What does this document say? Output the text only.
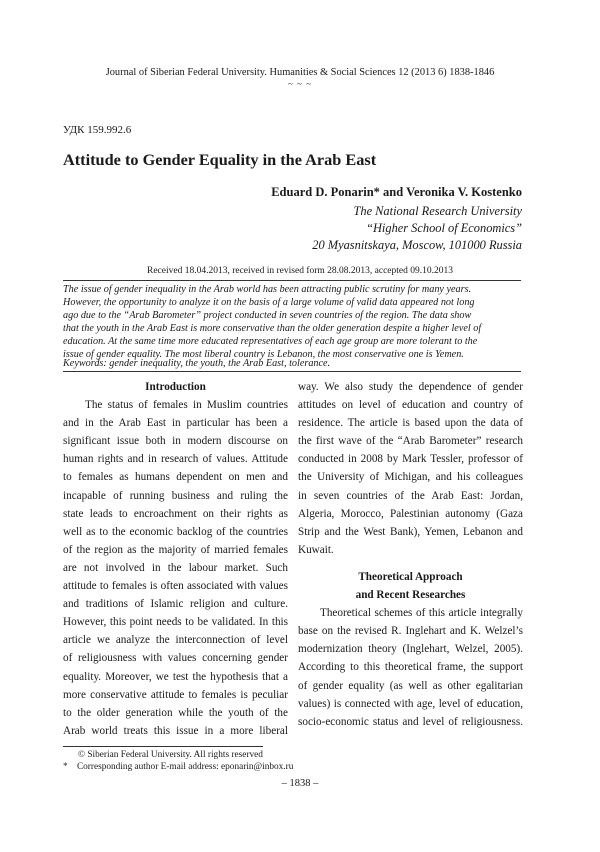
Journal of Siberian Federal University. Humanities & Social Sciences 12 (2013 6) 1838-1846
~ ~ ~
УДК 159.992.6
Attitude to Gender Equality in the Arab East
Eduard D. Ponarin* and Veronika V. Kostenko
The National Research University
“Higher School of Economics”
20 Myasnitskaya, Moscow, 101000 Russia
Received 18.04.2013, received in revised form 28.08.2013, accepted 09.10.2013
The issue of gender inequality in the Arab world has been attracting public scrutiny for many years.
However, the opportunity to analyze it on the basis of a large volume of valid data appeared not long
ago due to the “Arab Barometer” project conducted in seven countries of the region. The data show
that the youth in the Arab East is more conservative than the older generation despite a higher level of
education. At the same time more educated representatives of each age group are more tolerant to the
issue of gender equality. The most liberal country is Lebanon, the most conservative one is Yemen.
Keywords: gender inequality, the youth, the Arab East, tolerance.
Introduction
The status of females in Muslim countries
and in the Arab East in particular has been a
significant issue both in modern discourse on
human rights and in research of values. Attitude
to females as humans dependent on men and
incapable of running business and ruling the
state leads to encroachment on their rights as
well as to the economic backlog of the countries
of the region as the majority of married females
are not involved in the labour market. Such
attitude to females is often associated with values
and traditions of Islamic religion and culture.
However, this point needs to be validated. In this
article we analyze the interconnection of level
of religiousness with values concerning gender
equality. Moreover, we test the hypothesis that a
more conservative attitude to females is peculiar
to the older generation while the youth of the
Arab world treats this issue in a more liberal
way. We also study the dependence of gender
attitudes on level of education and country of
residence. The article is based upon the data of
the first wave of the “Arab Barometer” research
conducted in 2008 by Mark Tessler, professor of
the University of Michigan, and his colleagues
in seven countries of the Arab East: Jordan,
Algeria, Morocco, Palestinian autonomy (Gaza
Strip and the West Bank), Yemen, Lebanon and
Kuwait.
Theoretical Approach
and Recent Researches
Theoretical schemes of this article integrally
base on the revised R. Inglehart and K. Welzel’s
modernization theory (Inglehart, Welzel, 2005).
According to this theoretical frame, the support
of gender equality (as well as other egalitarian
values) is connected with age, level of education,
socio-economic status and level of religiousness.
© Siberian Federal University. All rights reserved
* Corresponding author E-mail address: eponarin@inbox.ru
– 1838 –
